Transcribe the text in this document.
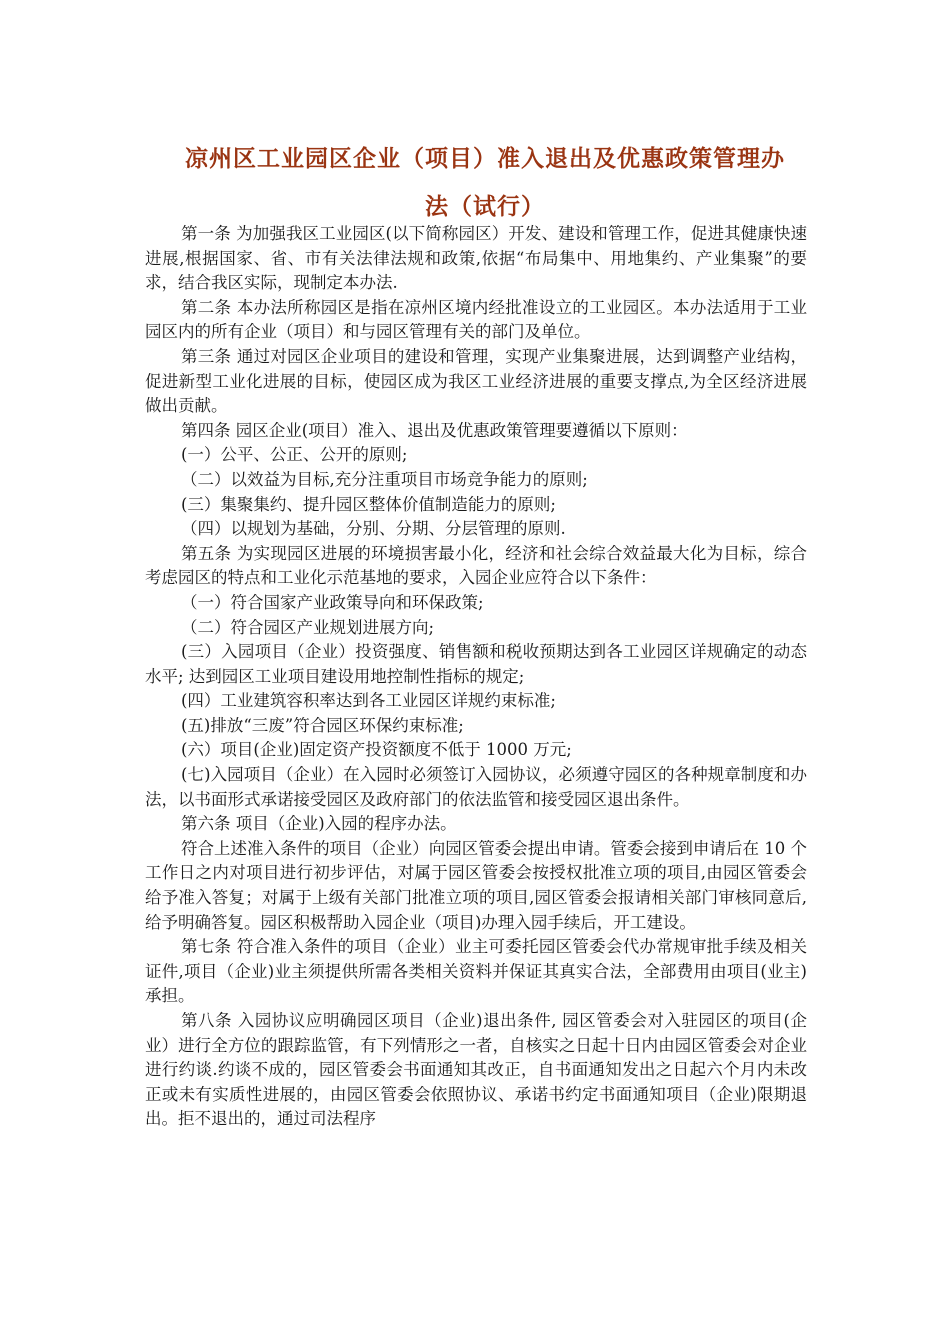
凉州区工业园区企业（项目）准入退出及优惠政策管理办
法（试行）

第一条 为加强我区工业园区(以下简称园区）开发、建设和管理工作，促进其健康快速进展,根据国家、省、市有关法律法规和政策,依据“布局集中、用地集约、产业集聚”的要求，结合我区实际，现制定本办法.

第二条 本办法所称园区是指在凉州区境内经批准设立的工业园区。本办法适用于工业园区内的所有企业（项目）和与园区管理有关的部门及单位。

第三条 通过对园区企业项目的建设和管理，实现产业集聚进展，达到调整产业结构，促进新型工业化进展的目标，使园区成为我区工业经济进展的重要支撑点,为全区经济进展做出贡献。

第四条 园区企业(项目）准入、退出及优惠政策管理要遵循以下原则：

(一）公平、公正、公开的原则;

（二）以效益为目标,充分注重项目市场竞争能力的原则;

(三）集聚集约、提升园区整体价值制造能力的原则;

（四）以规划为基础，分别、分期、分层管理的原则.

第五条 为实现园区进展的环境损害最小化，经济和社会综合效益最大化为目标，综合考虑园区的特点和工业化示范基地的要求，入园企业应符合以下条件：

（一）符合国家产业政策导向和环保政策;

（二）符合园区产业规划进展方向;

(三）入园项目（企业）投资强度、销售额和税收预期达到各工业园区详规确定的动态水平; 达到园区工业项目建设用地控制性指标的规定;

(四）工业建筑容积率达到各工业园区详规约束标准;

(五)排放“三废”符合园区环保约束标准;

(六）项目(企业)固定资产投资额度不低于 1000 万元;

(七)入园项目（企业）在入园时必须签订入园协议，必须遵守园区的各种规章制度和办法，以书面形式承诺接受园区及政府部门的依法监管和接受园区退出条件。

第六条 项目（企业)入园的程序办法。

符合上述准入条件的项目（企业）向园区管委会提出申请。管委会接到申请后在 10 个工作日之内对项目进行初步评估，对属于园区管委会按授权批准立项的项目,由园区管委会给予准入答复；对属于上级有关部门批准立项的项目,园区管委会报请相关部门审核同意后,给予明确答复。园区积极帮助入园企业（项目)办理入园手续后，开工建设。

第七条 符合准入条件的项目（企业）业主可委托园区管委会代办常规审批手续及相关证件,项目（企业)业主须提供所需各类相关资料并保证其真实合法，全部费用由项目(业主)承担。

第八条 入园协议应明确园区项目（企业)退出条件, 园区管委会对入驻园区的项目(企业）进行全方位的跟踪监管，有下列情形之一者，自核实之日起十日内由园区管委会对企业进行约谈.约谈不成的，园区管委会书面通知其改正，自书面通知发出之日起六个月内未改正或未有实质性进展的，由园区管委会依照协议、承诺书约定书面通知项目（企业)限期退出。拒不退出的，通过司法程序
